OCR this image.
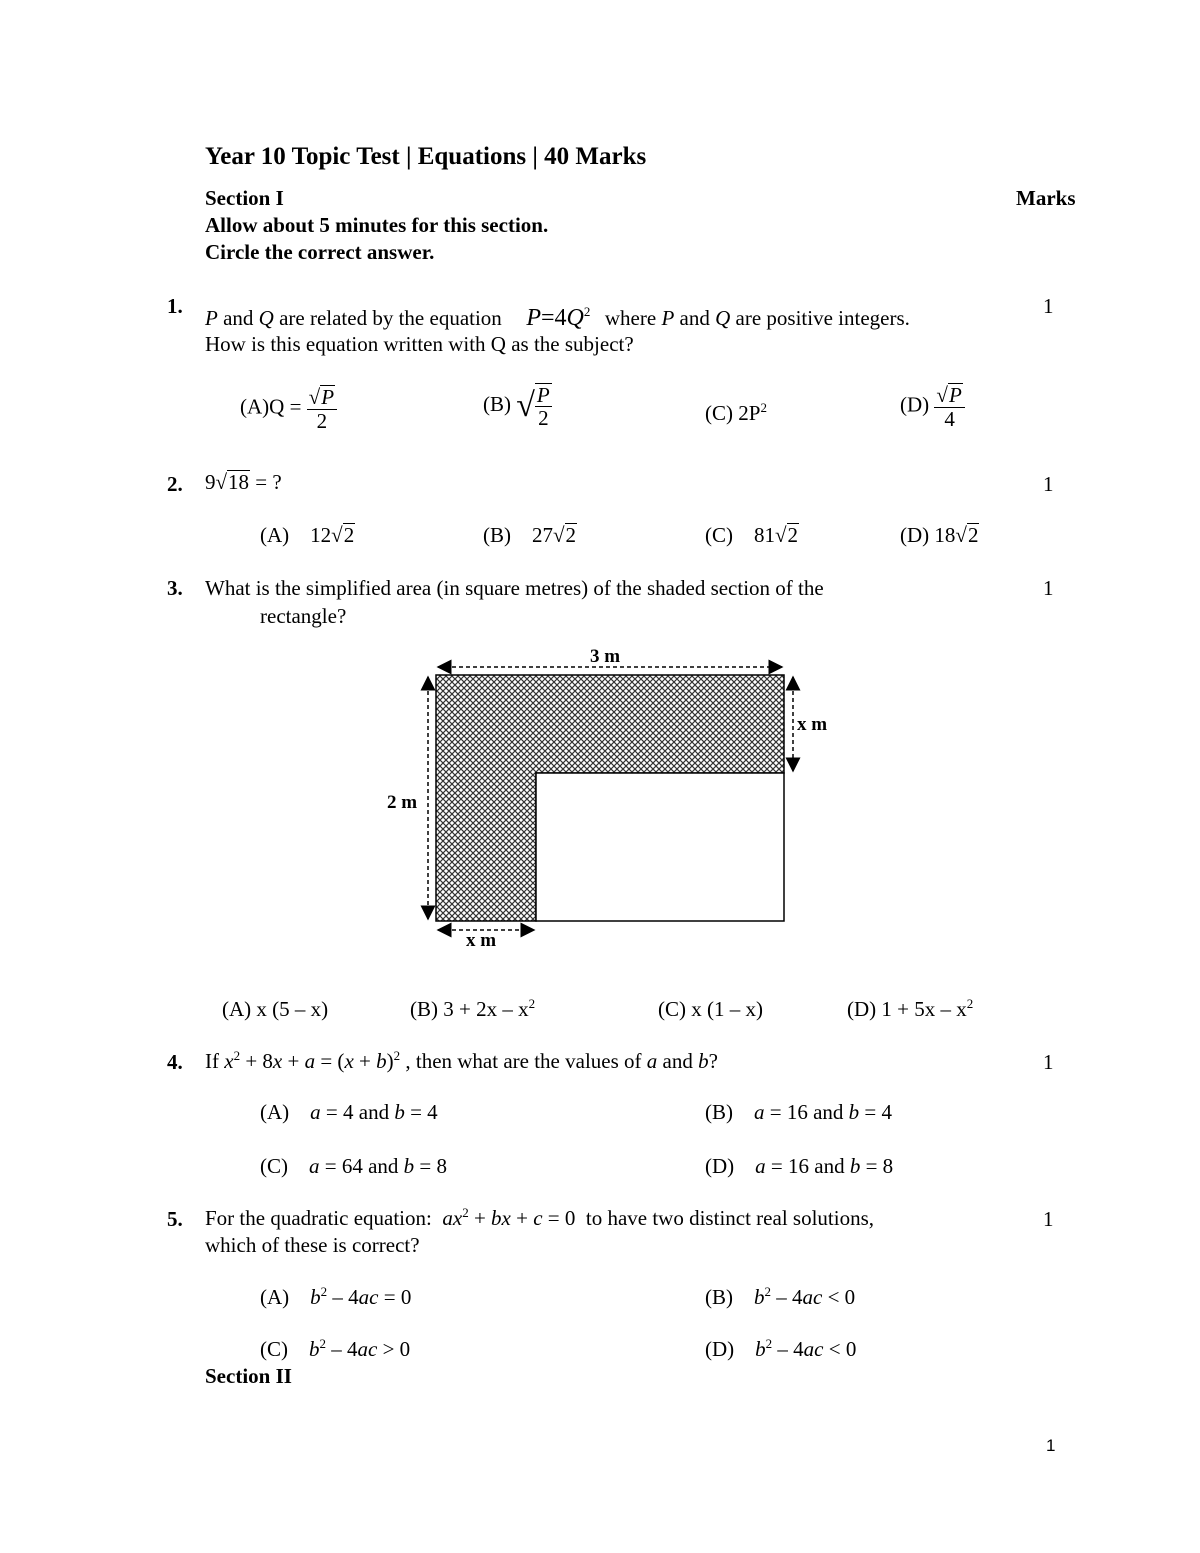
Year 10 Topic Test | Equations | 40 Marks
Section I	Marks
Allow about 5 minutes for this section.
Circle the correct answer.
1.	1
P and Q are related by the equation $P=4Q^2$ where P and Q are positive integers.
How is this equation written with Q as the subject?
$(A)Q = \frac{√P}{2}$	(B) √ $\frac{P}{2}$	(C) $2P^2$	$(D) \frac{√P}{4}$
2.	1
9√18 = ?
(A) 12√2	(B) 27√2	(C) 81√2	(D) 18√2
3.	1
What is the simplified area (in square metres) of the shaded section of the
rectangle?
3 m
x m
2 m
x m
(A) x (5 – x)	(B) $3 + 2x - x^2$	(C) x (1 – x)	(D) $1 + 5x - x^2$
4.	1
If $x^2 + 8x + a = (x + b)^2$ , then what are the values of a and b?
(A) a = 4 and b = 4	(B) a = 16 and b = 4
(C) a = 64 and b = 8	(D) a = 16 and b = 8
5.	1
For the quadratic equation: $ax^2$ + bx + c = 0  to have two distinct real solutions,
which of these is correct?
(A) $b^2 - 4ac = 0$	(B) $b^2 - 4ac < 0$
(C) $b^2 - 4ac > 0$	(D) $b^2 - 4ac < 0$
Section II
1
